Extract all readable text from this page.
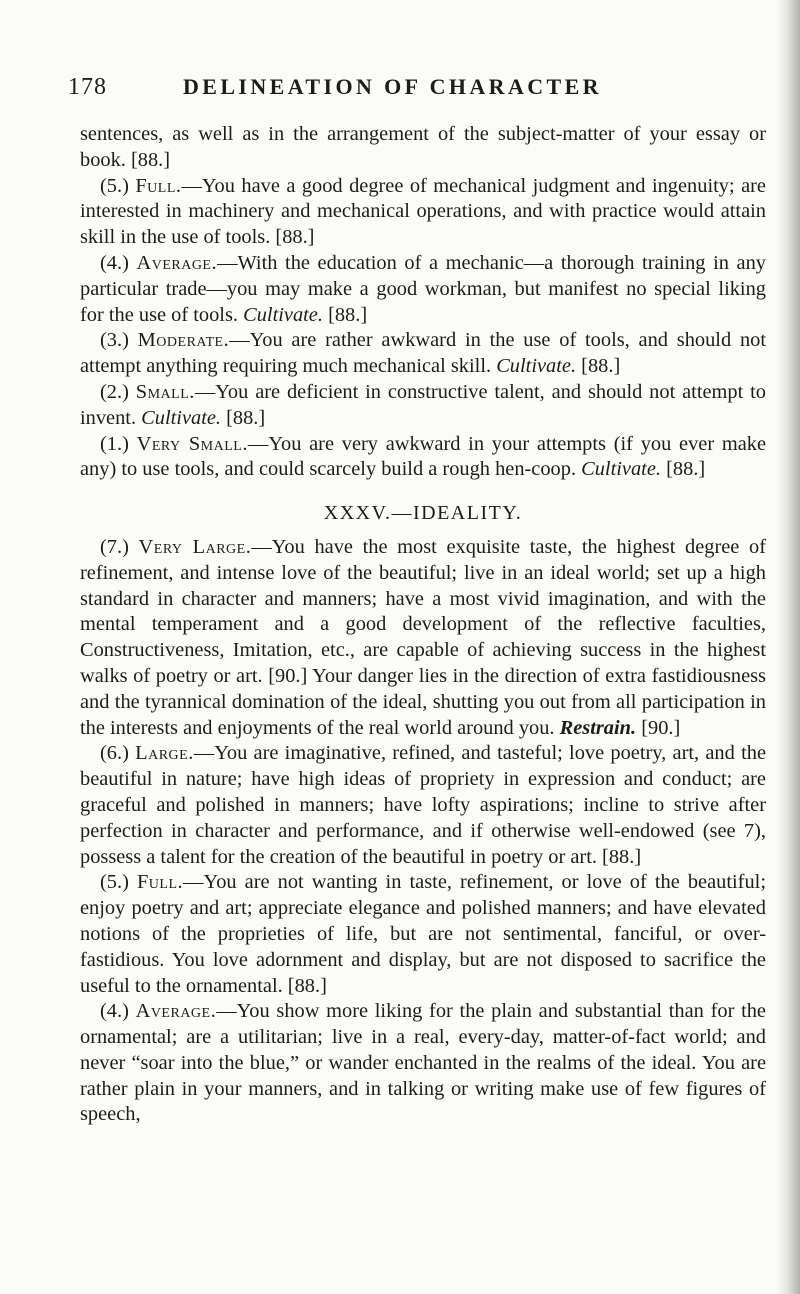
178	DELINEATION OF CHARACTER

sentences, as well as in the arrangement of the subject-matter of your essay or book. [88.]

(5.) Full.—You have a good degree of mechanical judgment and ingenuity; are interested in machinery and mechanical operations, and with practice would attain skill in the use of tools. [88.]

(4.) Average.—With the education of a mechanic—a thorough training in any particular trade—you may make a good workman, but manifest no special liking for the use of tools. Cultivate. [88.]

(3.) Moderate.—You are rather awkward in the use of tools, and should not attempt anything requiring much mechanical skill. Cultivate. [88.]

(2.) Small.—You are deficient in constructive talent, and should not attempt to invent. Cultivate. [88.]

(1.) Very Small.—You are very awkward in your attempts (if you ever make any) to use tools, and could scarcely build a rough hen-coop. Cultivate. [88.]

XXXV.—IDEALITY.

(7.) Very Large.—You have the most exquisite taste, the highest degree of refinement, and intense love of the beautiful; live in an ideal world; set up a high standard in character and manners; have a most vivid imagination, and with the mental temperament and a good development of the reflective faculties, Constructiveness, Imitation, etc., are capable of achieving success in the highest walks of poetry or art. [90.] Your danger lies in the direction of extra fastidiousness and the tyrannical domination of the ideal, shutting you out from all participation in the interests and enjoyments of the real world around you. Restrain. [90.]

(6.) Large.—You are imaginative, refined, and tasteful; love poetry, art, and the beautiful in nature; have high ideas of propriety in expression and conduct; are graceful and polished in manners; have lofty aspirations; incline to strive after perfection in character and performance, and if otherwise well-endowed (see 7), possess a talent for the creation of the beautiful in poetry or art. [88.]

(5.) Full.—You are not wanting in taste, refinement, or love of the beautiful; enjoy poetry and art; appreciate elegance and polished manners; and have elevated notions of the proprieties of life, but are not sentimental, fanciful, or over-fastidious. You love adornment and display, but are not disposed to sacrifice the useful to the ornamental. [88.]

(4.) Average.—You show more liking for the plain and substantial than for the ornamental; are a utilitarian; live in a real, every-day, matter-of-fact world; and never “soar into the blue,” or wander enchanted in the realms of the ideal. You are rather plain in your manners, and in talking or writing make use of few figures of speech,
